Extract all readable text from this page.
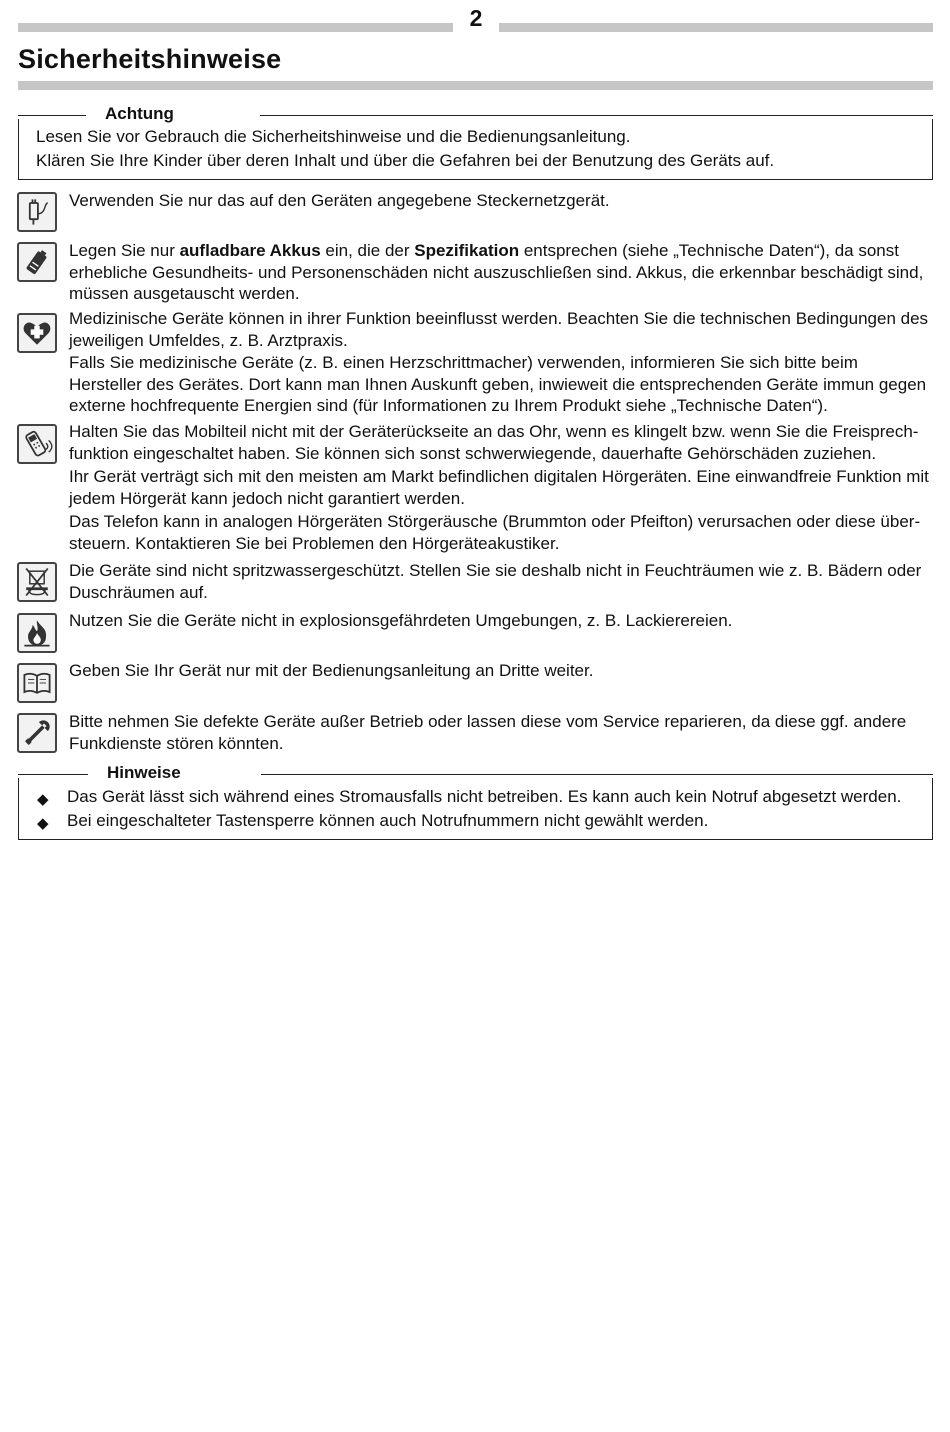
2
Sicherheitshinweise
Achtung
Lesen Sie vor Gebrauch die Sicherheitshinweise und die Bedienungsanleitung.
Klären Sie Ihre Kinder über deren Inhalt und über die Gefahren bei der Benutzung des Geräts auf.

Verwenden Sie nur das auf den Geräten angegebene Steckernetzgerät.

Legen Sie nur aufladbare Akkus ein, die der Spezifikation entsprechen (siehe „Technische Daten“), da sonst erhebliche Gesundheits- und Personenschäden nicht auszuschließen sind. Akkus, die erkennbar beschädigt sind, müssen ausgetauscht werden.

Medizinische Geräte können in ihrer Funktion beeinflusst werden. Beachten Sie die technischen Bedingungen des jeweiligen Umfeldes, z. B. Arztpraxis.

Falls Sie medizinische Geräte (z. B. einen Herzschrittmacher) verwenden, informieren Sie sich bitte beim Hersteller des Gerätes. Dort kann man Ihnen Auskunft geben, inwieweit die entsprechenden Geräte immun gegen externe hochfrequente Energien sind (für Informationen zu Ihrem Produkt siehe „Technische Daten“).

Halten Sie das Mobilteil nicht mit der Geräterückseite an das Ohr, wenn es klingelt bzw. wenn Sie die Freisprech-funktion eingeschaltet haben. Sie können sich sonst schwerwiegende, dauerhafte Gehörschäden zuziehen.

Ihr Gerät verträgt sich mit den meisten am Markt befindlichen digitalen Hörgeräten. Eine einwandfreie Funktion mit jedem Hörgerät kann jedoch nicht garantiert werden.

Das Telefon kann in analogen Hörgeräten Störgeräusche (Brummton oder Pfeifton) verursachen oder diese über-steuern. Kontaktieren Sie bei Problemen den Hörgeräteakustiker.

Die Geräte sind nicht spritzwassergeschützt. Stellen Sie sie deshalb nicht in Feuchträumen wie z. B. Bädern oder Duschräumen auf.

Nutzen Sie die Geräte nicht in explosionsgefährdeten Umgebungen, z. B. Lackierereien.

Geben Sie Ihr Gerät nur mit der Bedienungsanleitung an Dritte weiter.

Bitte nehmen Sie defekte Geräte außer Betrieb oder lassen diese vom Service reparieren, da diese ggf. andere Funkdienste stören könnten.

Hinweise
◆ Das Gerät lässt sich während eines Stromausfalls nicht betreiben. Es kann auch kein Notruf abgesetzt werden.
◆ Bei eingeschalteter Tastensperre können auch Notrufnummern nicht gewählt werden.
